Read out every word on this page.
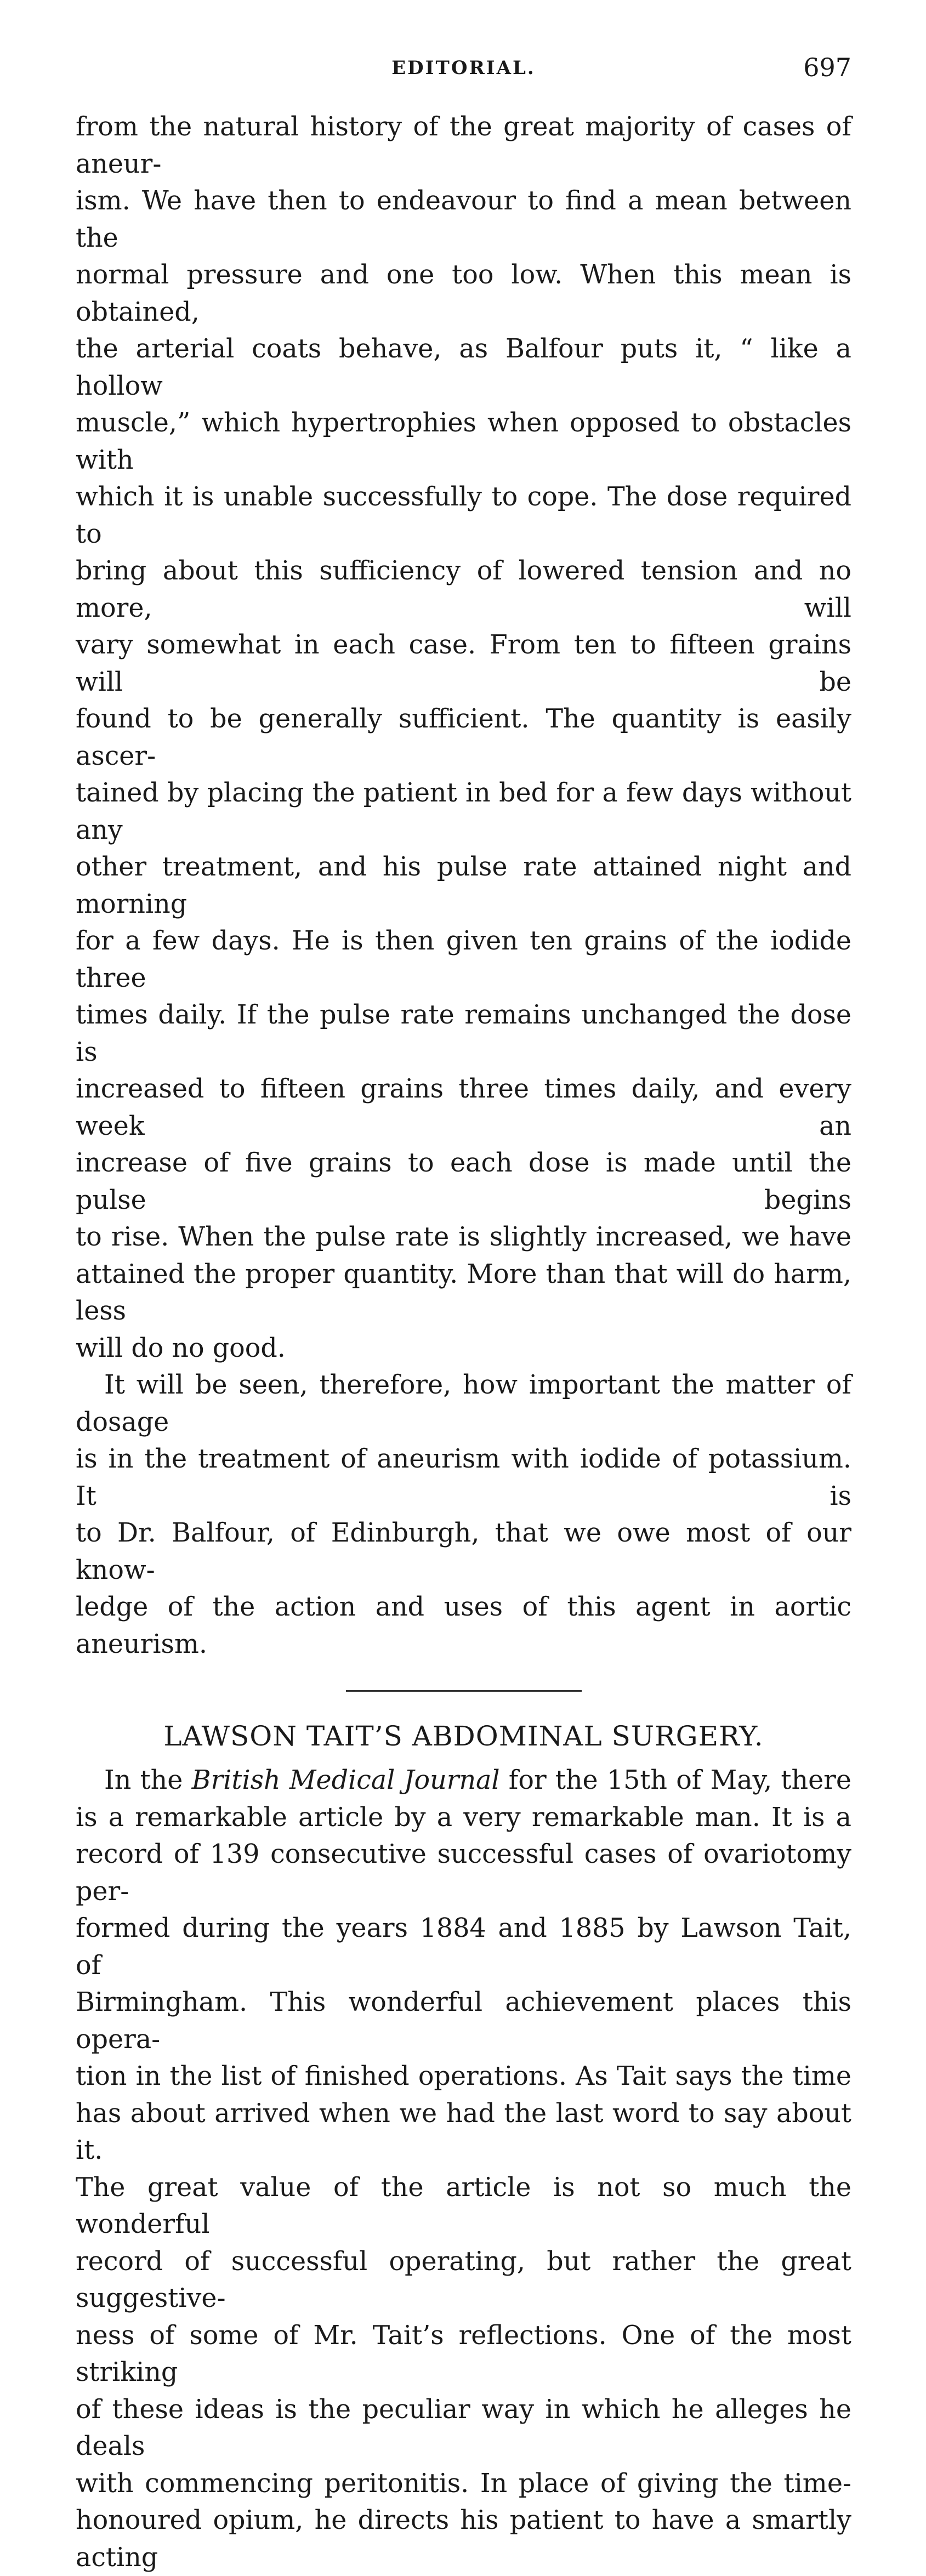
EDITORIAL.	697

from the natural history of the great majority of cases of aneur-

ism. We have then to endeavour to find a mean between the

normal pressure and one too low. When this mean is obtained,

the arterial coats behave, as Balfour puts it, “ like a hollow

muscle,” which hypertrophies when opposed to obstacles with

which it is unable successfully to cope. The dose required to

bring about this sufficiency of lowered tension and no more, will

vary somewhat in each case. From ten to fifteen grains will be

found to be generally sufficient. The quantity is easily ascer-

tained by placing the patient in bed for a few days without any

other treatment, and his pulse rate attained night and morning

for a few days. He is then given ten grains of the iodide three

times daily. If the pulse rate remains unchanged the dose is

increased to fifteen grains three times daily, and every week an

increase of five grains to each dose is made until the pulse begins

to rise. When the pulse rate is slightly increased, we have

attained the proper quantity. More than that will do harm, less

will do no good.

It will be seen, therefore, how important the matter of dosage

is in the treatment of aneurism with iodide of potassium. It is

to Dr. Balfour, of Edinburgh, that we owe most of our know-

ledge of the action and uses of this agent in aortic aneurism.

LAWSON TAIT’S ABDOMINAL SURGERY.

In the British Medical Journal for the 15th of May, there

is a remarkable article by a very remarkable man. It is a

record of 139 consecutive successful cases of ovariotomy per-

formed during the years 1884 and 1885 by Lawson Tait, of

Birmingham. This wonderful achievement places this opera-

tion in the list of finished operations. As Tait says the time

has about arrived when we had the last word to say about it.

The great value of the article is not so much the wonderful

record of successful operating, but rather the great suggestive-

ness of some of Mr. Tait’s reflections. One of the most striking

of these ideas is the peculiar way in which he alleges he deals

with commencing peritonitis. In place of giving the time-

honoured opium, he directs his patient to have a smartly acting
